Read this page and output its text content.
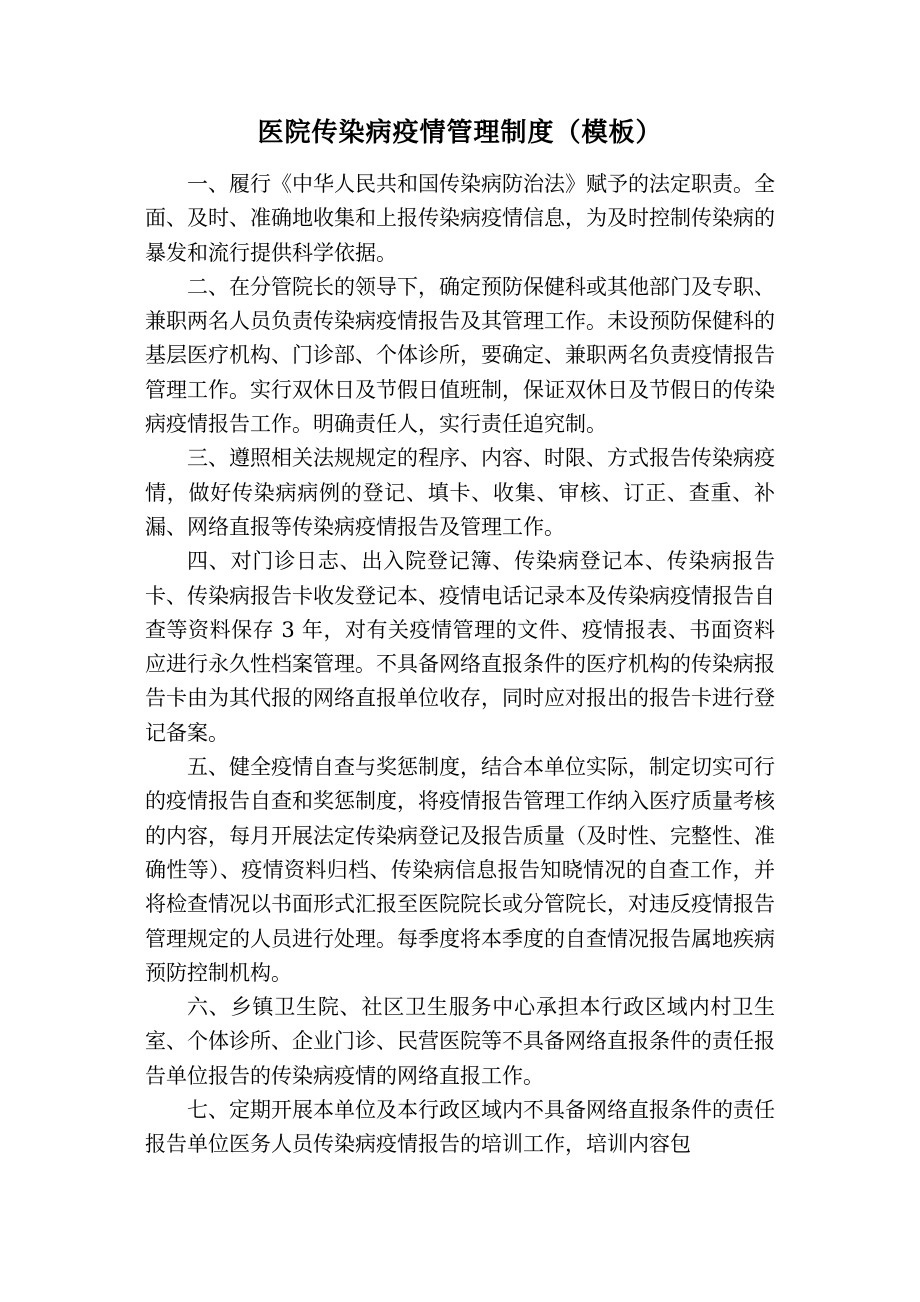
医院传染病疫情管理制度（模板）

一、履行《中华人民共和国传染病防治法》赋予的法定职责。全面、及时、准确地收集和上报传染病疫情信息，为及时控制传染病的暴发和流行提供科学依据。

二、在分管院长的领导下，确定预防保健科或其他部门及专职、兼职两名人员负责传染病疫情报告及其管理工作。未设预防保健科的基层医疗机构、门诊部、个体诊所，要确定、兼职两名负责疫情报告管理工作。实行双休日及节假日值班制，保证双休日及节假日的传染病疫情报告工作。明确责任人，实行责任追究制。

三、遵照相关法规规定的程序、内容、时限、方式报告传染病疫情，做好传染病病例的登记、填卡、收集、审核、订正、查重、补漏、网络直报等传染病疫情报告及管理工作。

四、对门诊日志、出入院登记簿、传染病登记本、传染病报告卡、传染病报告卡收发登记本、疫情电话记录本及传染病疫情报告自查等资料保存 3 年，对有关疫情管理的文件、疫情报表、书面资料应进行永久性档案管理。不具备网络直报条件的医疗机构的传染病报告卡由为其代报的网络直报单位收存，同时应对报出的报告卡进行登记备案。

五、健全疫情自查与奖惩制度，结合本单位实际，制定切实可行的疫情报告自查和奖惩制度，将疫情报告管理工作纳入医疗质量考核的内容，每月开展法定传染病登记及报告质量（及时性、完整性、准确性等）、疫情资料归档、传染病信息报告知晓情况的自查工作，并将检查情况以书面形式汇报至医院院长或分管院长，对违反疫情报告管理规定的人员进行处理。每季度将本季度的自查情况报告属地疾病预防控制机构。

六、乡镇卫生院、社区卫生服务中心承担本行政区域内村卫生室、个体诊所、企业门诊、民营医院等不具备网络直报条件的责任报告单位报告的传染病疫情的网络直报工作。

七、定期开展本单位及本行政区域内不具备网络直报条件的责任报告单位医务人员传染病疫情报告的培训工作，培训内容包
